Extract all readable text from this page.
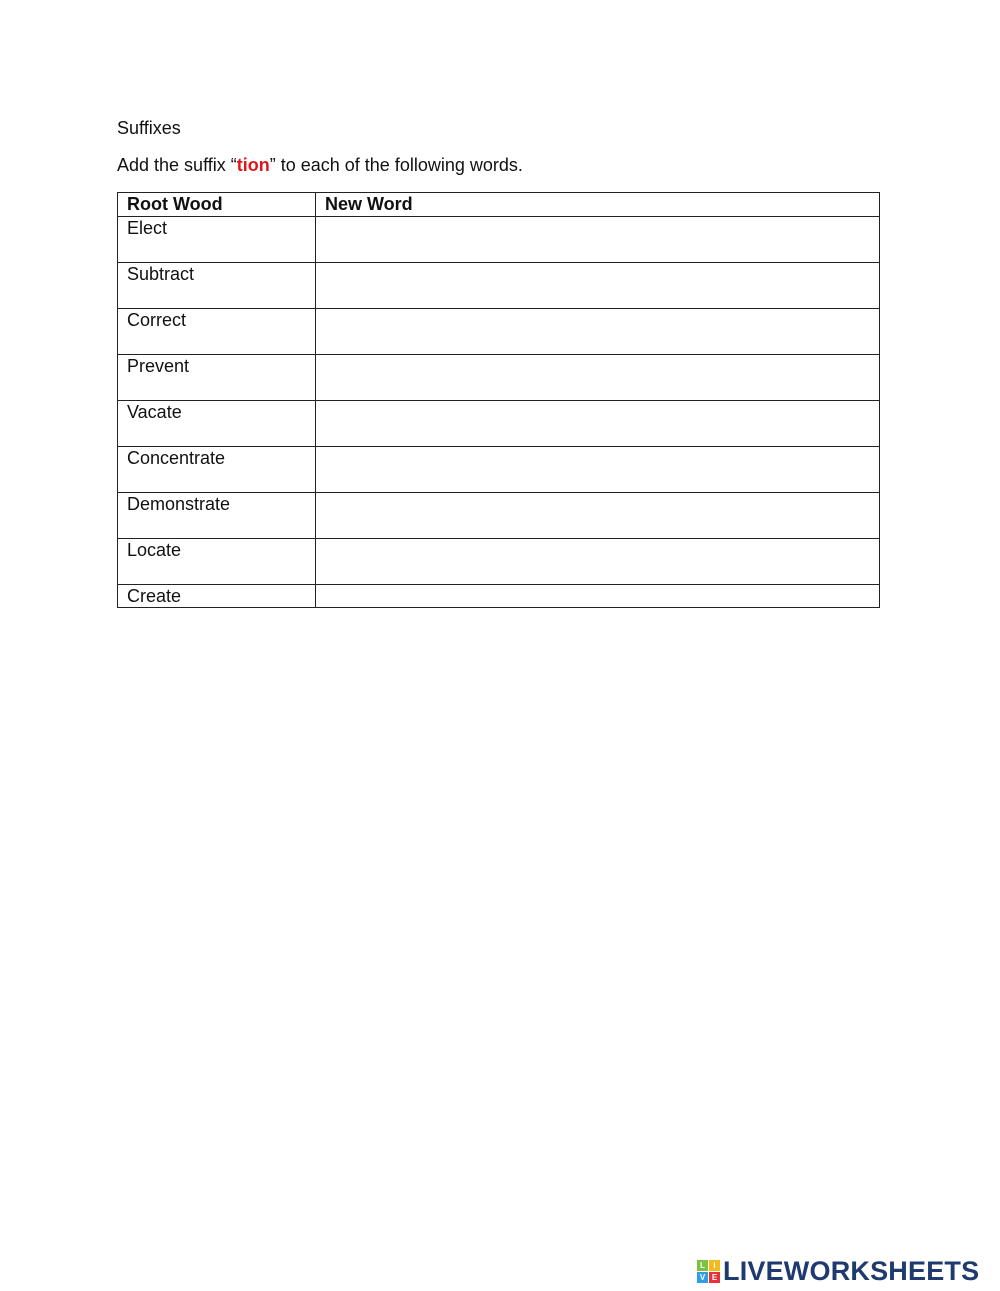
Suffixes
Add the suffix “tion” to each of the following words.
Root Wood	New Word
Elect	
Subtract	
Correct	
Prevent	
Vacate	
Concentrate	
Demonstrate	
Locate	
Create	
L	I
V E LIVEWORKSHEETS
